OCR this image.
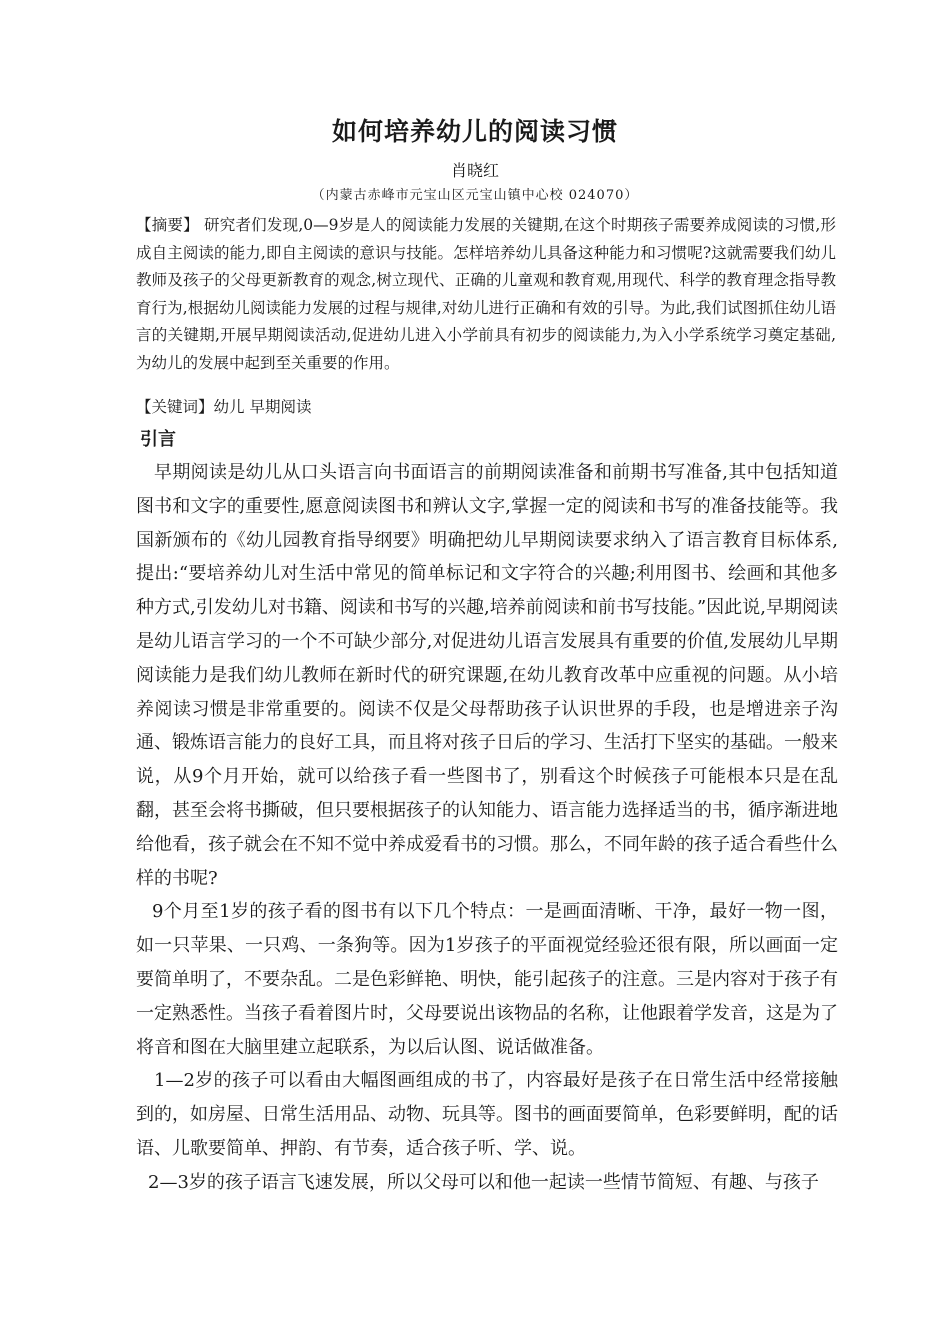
如何培养幼儿的阅读习惯
肖晓红
（内蒙古赤峰市元宝山区元宝山镇中心校 024070）

【摘要】 研究者们发现,0—9岁是人的阅读能力发展的关键期,在这个时期孩子需要养成阅读的习惯,形成自主阅读的能力,即自主阅读的意识与技能。怎样培养幼儿具备这种能力和习惯呢?这就需要我们幼儿教师及孩子的父母更新教育的观念,树立现代、正确的儿童观和教育观,用现代、科学的教育理念指导教育行为,根据幼儿阅读能力发展的过程与规律,对幼儿进行正确和有效的引导。为此,我们试图抓住幼儿语言的关键期,开展早期阅读活动,促进幼儿进入小学前具有初步的阅读能力,为入小学系统学习奠定基础,为幼儿的发展中起到至关重要的作用。

【关键词】幼儿 早期阅读
引言

早期阅读是幼儿从口头语言向书面语言的前期阅读准备和前期书写准备,其中包括知道图书和文字的重要性,愿意阅读图书和辨认文字,掌握一定的阅读和书写的准备技能等。我国新颁布的《幼儿园教育指导纲要》明确把幼儿早期阅读要求纳入了语言教育目标体系,提出:“要培养幼儿对生活中常见的简单标记和文字符合的兴趣;利用图书、绘画和其他多种方式,引发幼儿对书籍、阅读和书写的兴趣,培养前阅读和前书写技能。”因此说,早期阅读是幼儿语言学习的一个不可缺少部分,对促进幼儿语言发展具有重要的价值,发展幼儿早期阅读能力是我们幼儿教师在新时代的研究课题,在幼儿教育改革中应重视的问题。从小培养阅读习惯是非常重要的。阅读不仅是父母帮助孩子认识世界的手段，也是增进亲子沟通、锻炼语言能力的良好工具，而且将对孩子日后的学习、生活打下坚实的基础。一般来说，从9个月开始，就可以给孩子看一些图书了，别看这个时候孩子可能根本只是在乱翻，甚至会将书撕破，但只要根据孩子的认知能力、语言能力选择适当的书，循序渐进地给他看，孩子就会在不知不觉中养成爱看书的习惯。那么，不同年龄的孩子适合看些什么样的书呢?

9个月至1岁的孩子看的图书有以下几个特点：一是画面清晰、干净，最好一物一图，如一只苹果、一只鸡、一条狗等。因为1岁孩子的平面视觉经验还很有限，所以画面一定要简单明了，不要杂乱。二是色彩鲜艳、明快，能引起孩子的注意。三是内容对于孩子有一定熟悉性。当孩子看着图片时，父母要说出该物品的名称，让他跟着学发音，这是为了将音和图在大脑里建立起联系，为以后认图、说话做准备。

1—2岁的孩子可以看由大幅图画组成的书了，内容最好是孩子在日常生活中经常接触到的，如房屋、日常生活用品、动物、玩具等。图书的画面要简单，色彩要鲜明，配的话语、儿歌要简单、押韵、有节奏，适合孩子听、学、说。

2—3岁的孩子语言飞速发展，所以父母可以和他一起读一些情节简短、有趣、与孩子
